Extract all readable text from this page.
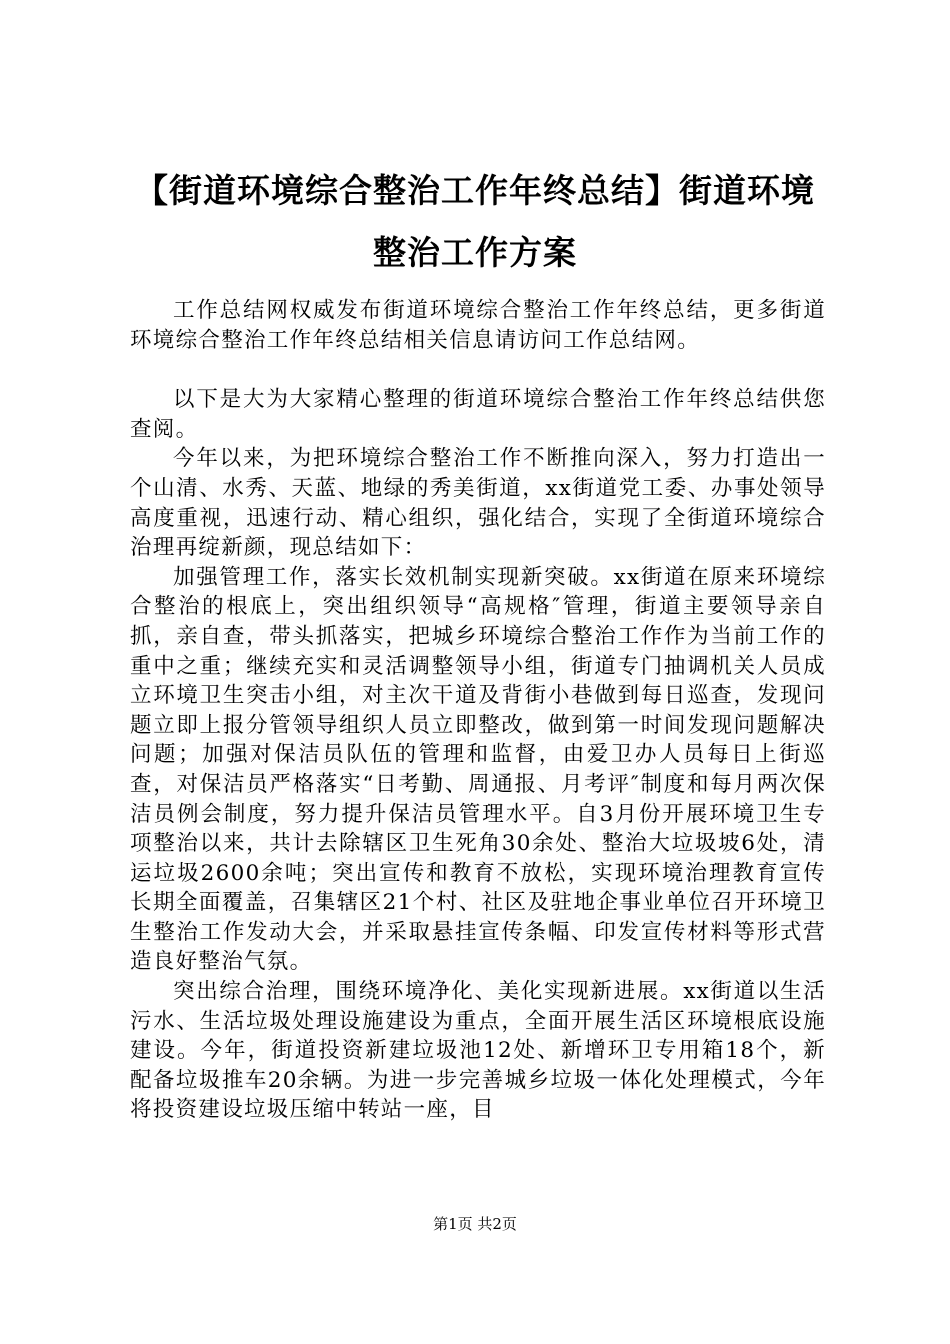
【街道环境综合整治工作年终总结】街道环境整治工作方案

工作总结网权威发布街道环境综合整治工作年终总结，更多街道环境综合整治工作年终总结相关信息请访问工作总结网。

以下是大为大家精心整理的街道环境综合整治工作年终总结供您查阅。

今年以来，为把环境综合整治工作不断推向深入，努力打造出一个山清、水秀、天蓝、地绿的秀美街道，xx街道党工委、办事处领导高度重视，迅速行动、精心组织，强化结合，实现了全街道环境综合治理再绽新颜，现总结如下：

加强管理工作，落实长效机制实现新突破。xx街道在原来环境综合整治的根底上，突出组织领导“高规格″管理，街道主要领导亲自抓，亲自查，带头抓落实，把城乡环境综合整治工作作为当前工作的重中之重；继续充实和灵活调整领导小组，街道专门抽调机关人员成立环境卫生突击小组，对主次干道及背街小巷做到每日巡查，发现问题立即上报分管领导组织人员立即整改，做到第一时间发现问题解决问题；加强对保洁员队伍的管理和监督，由爱卫办人员每日上街巡查，对保洁员严格落实“日考勤、周通报、月考评″制度和每月两次保洁员例会制度，努力提升保洁员管理水平。自3月份开展环境卫生专项整治以来，共计去除辖区卫生死角30余处、整治大垃圾坡6处，清运垃圾2600余吨；突出宣传和教育不放松，实现环境治理教育宣传长期全面覆盖，召集辖区21个村、社区及驻地企事业单位召开环境卫生整治工作发动大会，并采取悬挂宣传条幅、印发宣传材料等形式营造良好整治气氛。

突出综合治理，围绕环境净化、美化实现新进展。xx街道以生活污水、生活垃圾处理设施建设为重点，全面开展生活区环境根底设施建设。今年，街道投资新建垃圾池12处、新增环卫专用箱18个，新配备垃圾推车20余辆。为进一步完善城乡垃圾一体化处理模式，今年将投资建设垃圾压缩中转站一座，目

第1页 共2页
